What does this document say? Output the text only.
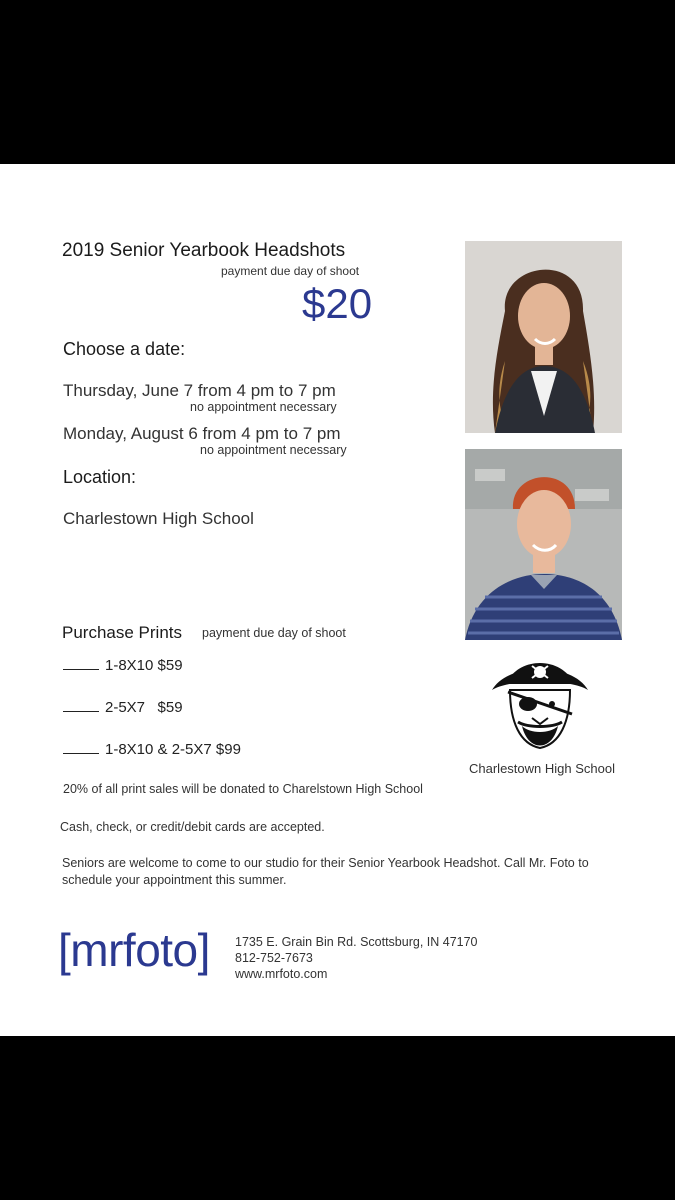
2019 Senior Yearbook Headshots
payment due day of shoot
$20
Choose a date:
Thursday, June 7 from 4 pm to 7 pm
no appointment necessary
Monday, August 6 from 4 pm to 7 pm
no appointment necessary
Location:
Charlestown High School
Purchase Prints payment due day of shoot
1-8X10 $59
2-5X7   $59
1-8X10 & 2-5X7 $99
20% of all print sales will be donated to Charelstown High School
Cash, check, or credit/debit cards are accepted.
Seniors are welcome to come to our studio for their Senior Yearbook Headshot. Call Mr. Foto to schedule your appointment this summer.
[mrfoto] 1735 E. Grain Bin Rd. Scottsburg, IN 47170
812-752-7673
www.mrfoto.com
Charlestown High School
